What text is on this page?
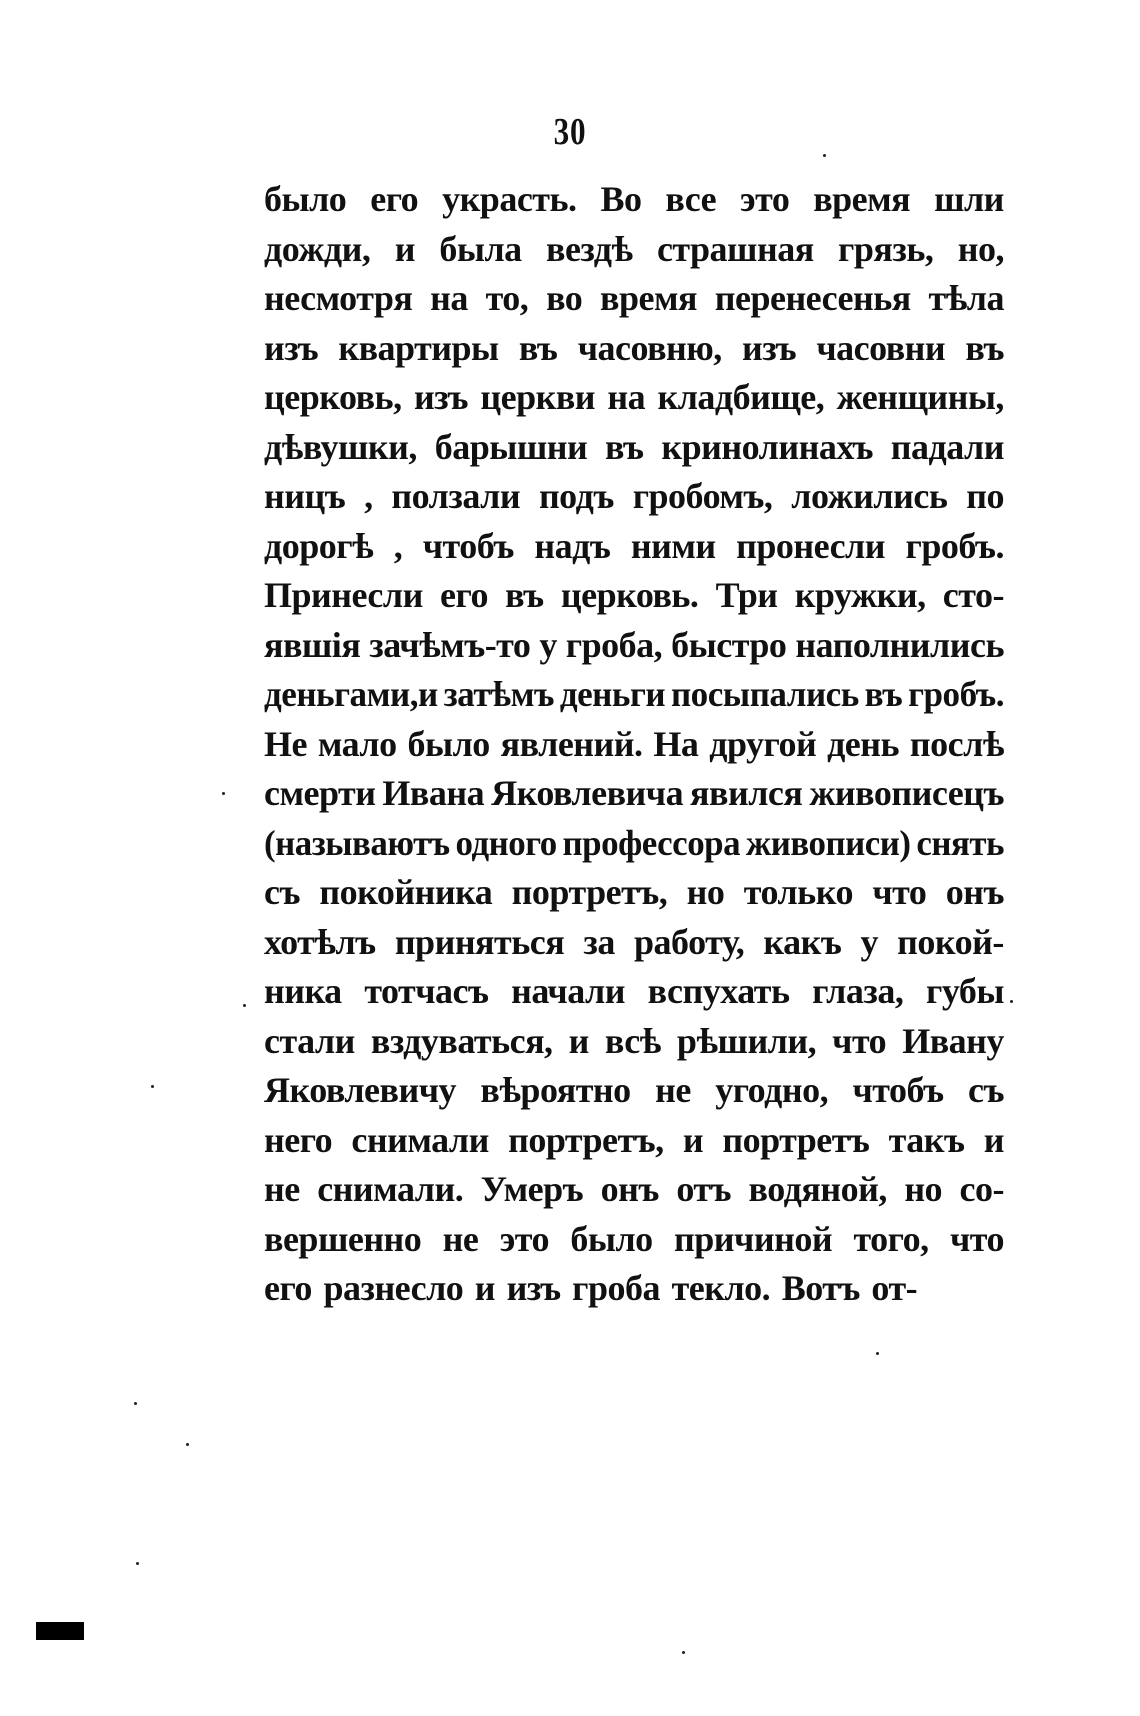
30
было его украсть. Во все это время шли
дожди, и была вездѣ страшная грязь, но,
несмотря на то, во время перенесенья тѣла
изъ квартиры въ часовню, изъ часовни въ
церковь, изъ церкви на кладбище, женщины,
дѣвушки, барышни въ кринолинахъ падали
ницъ , ползали подъ гробомъ, ложились по
дорогѣ , чтобъ надъ ними пронесли гробъ.
Принесли его въ церковь. Три кружки, сто-
явшія зачѣмъ-то у гроба, быстро наполнились
деньгами,и затѣмъ деньги посыпались въ гробъ.
Не мало было явлений. На другой день послѣ
смерти Ивана Яковлевича явился живописецъ
(называютъ одного профессора живописи) снять
съ покойника портретъ, но только что онъ
хотѣлъ приняться за работу, какъ у покой-
ника тотчасъ начали вспухать глаза, губы
стали вздуваться, и всѣ рѣшили, что Ивану
Яковлевичу вѣроятно не угодно, чтобъ съ
него снимали портретъ, и портретъ такъ и
не снимали. Умеръ онъ отъ водяной, но со-
вершенно не это было причиной того, что
его разнесло и изъ гроба текло. Вотъ от-
